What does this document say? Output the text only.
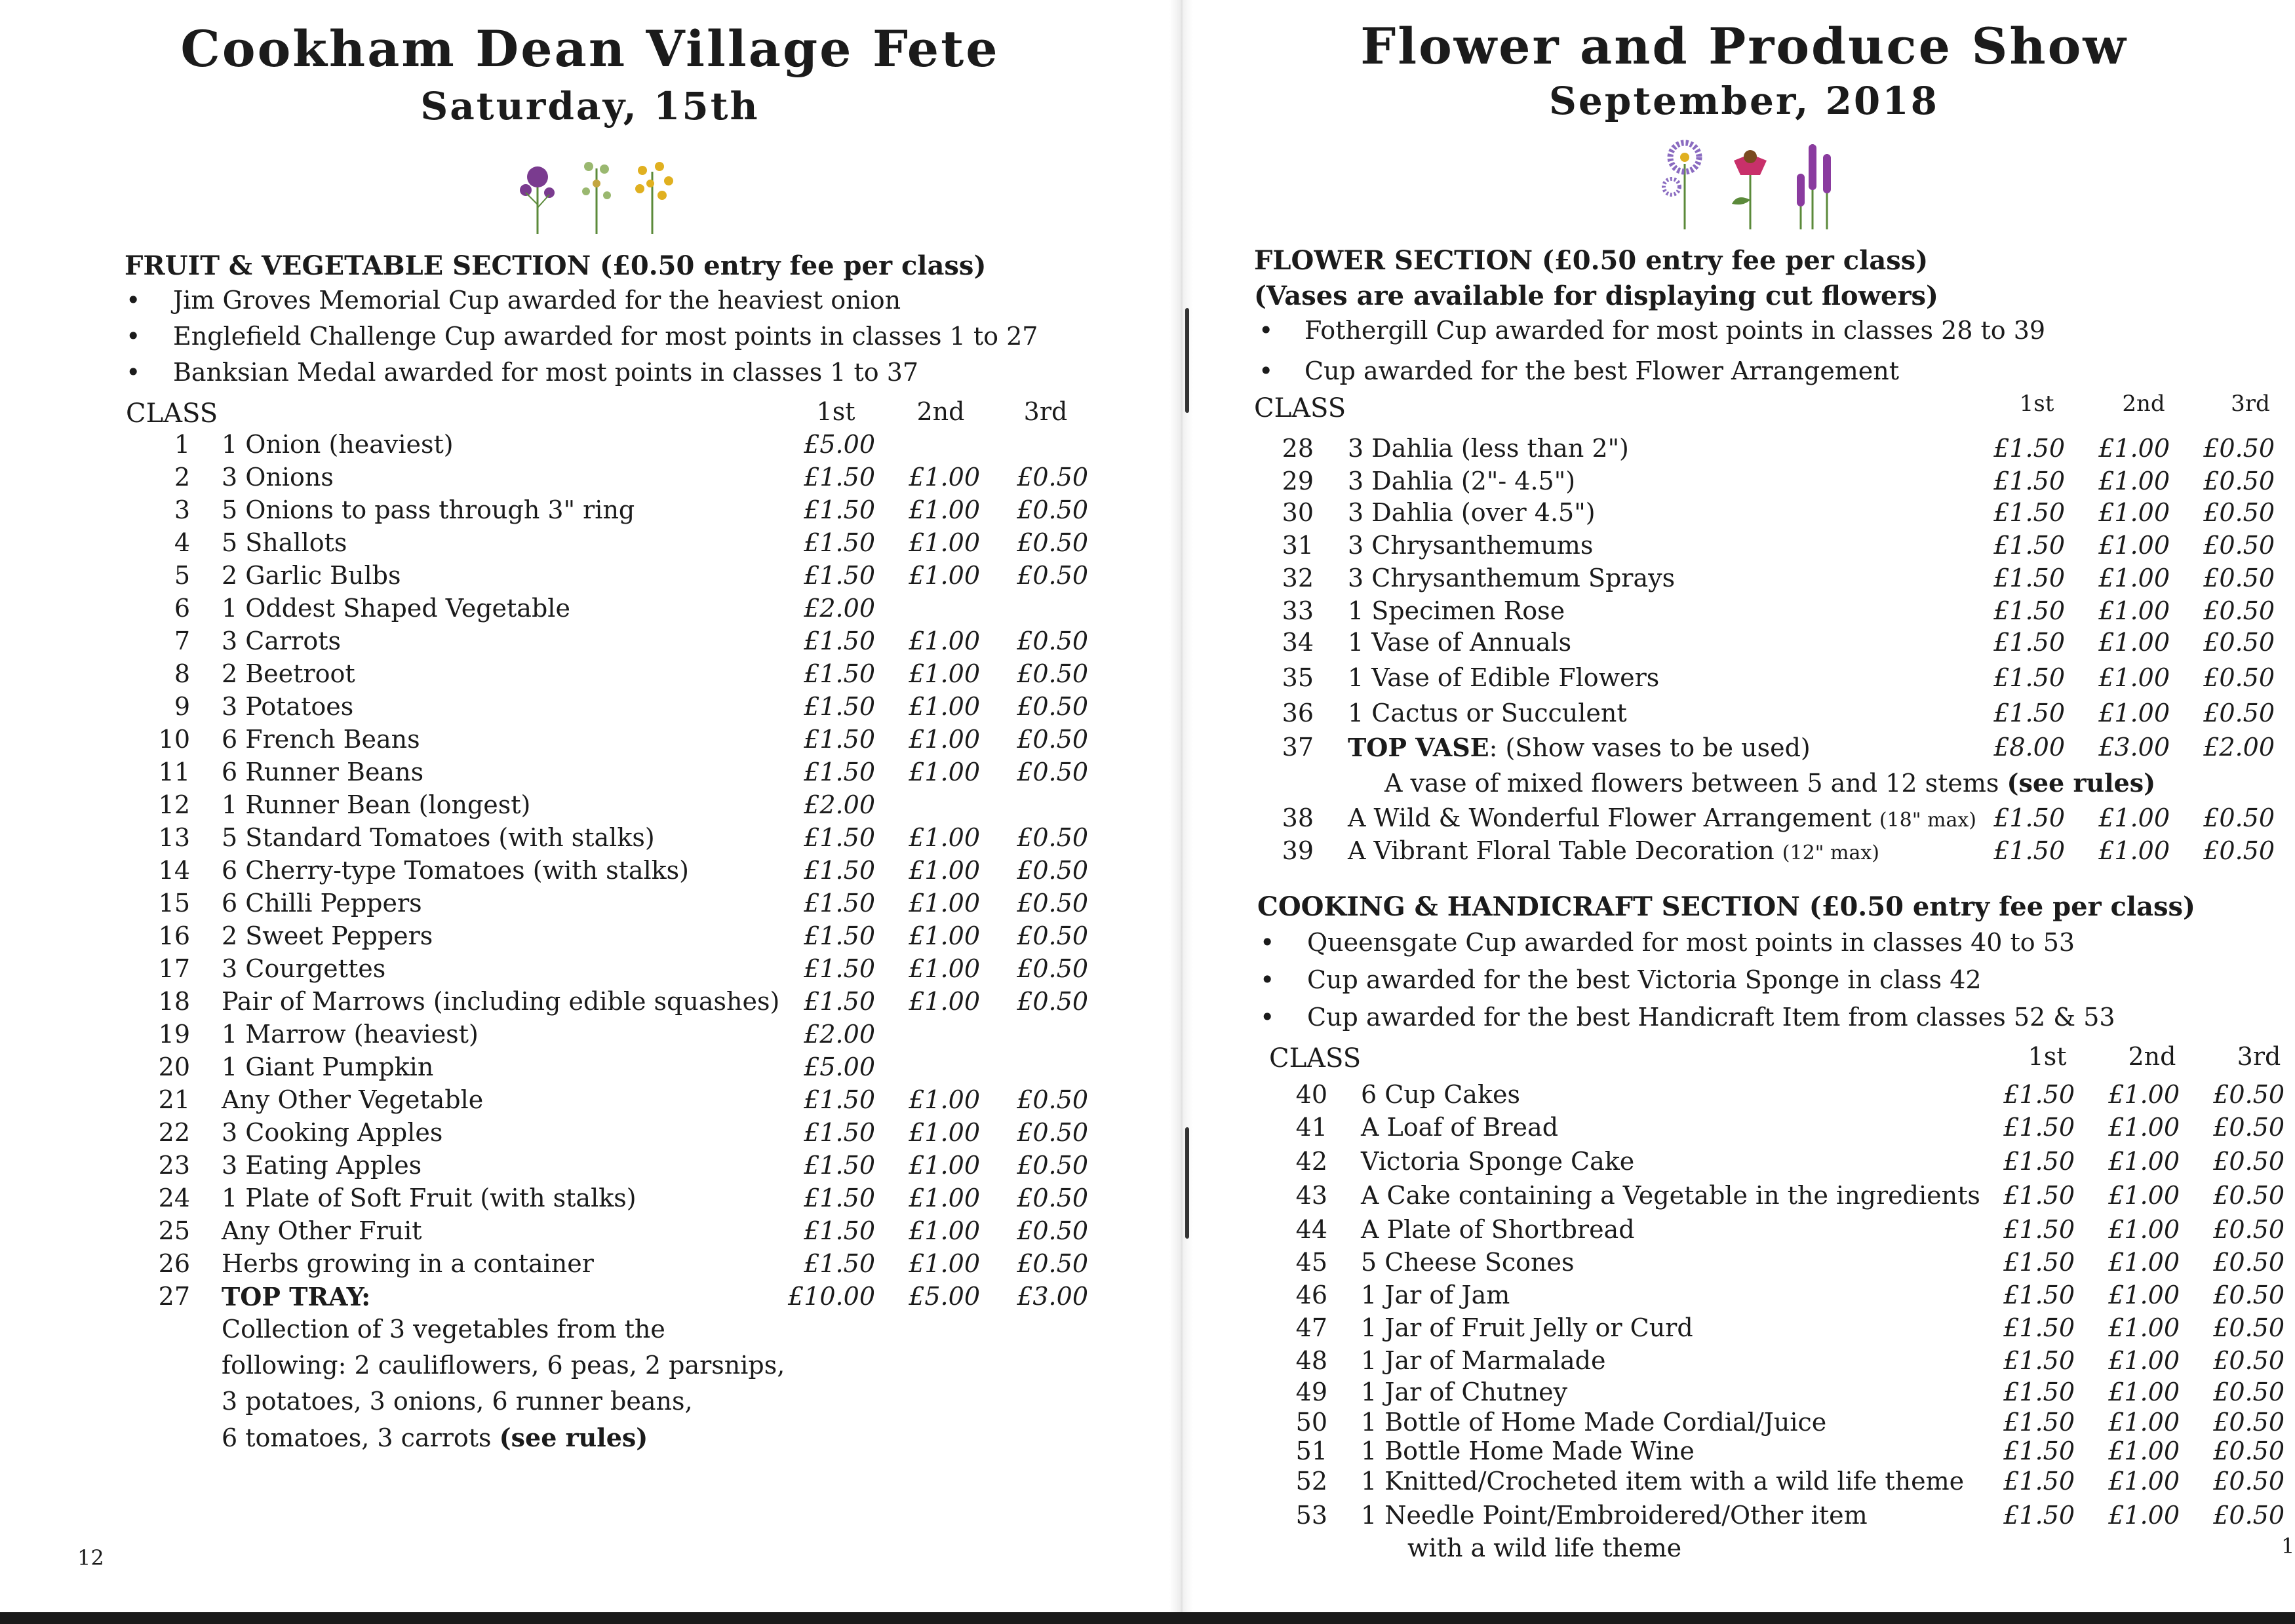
Cookham Dean Village Fete
Saturday, 15th
FRUIT & VEGETABLE SECTION (£0.50 entry fee per class)
• Jim Groves Memorial Cup awarded for the heaviest onion
• Englefield Challenge Cup awarded for most points in classes 1 to 27
• Banksian Medal awarded for most points in classes 1 to 37
CLASS	1st	2nd	3rd
1 1 Onion (heaviest)	£5.00
2 3 Onions	£1.50	£1.00	£0.50
3 5 Onions to pass through 3" ring	£1.50	£1.00	£0.50
4 5 Shallots	£1.50	£1.00	£0.50
5 2 Garlic Bulbs	£1.50	£1.00	£0.50
6 1 Oddest Shaped Vegetable	£2.00
7 3 Carrots	£1.50	£1.00	£0.50
8 2 Beetroot	£1.50	£1.00	£0.50
9 3 Potatoes	£1.50	£1.00	£0.50
10 6 French Beans	£1.50	£1.00	£0.50
11 6 Runner Beans	£1.50	£1.00	£0.50
12 1 Runner Bean (longest)	£2.00
13 5 Standard Tomatoes (with stalks)	£1.50	£1.00	£0.50
14 6 Cherry-type Tomatoes (with stalks)	£1.50	£1.00	£0.50
15 6 Chilli Peppers	£1.50	£1.00	£0.50
16 2 Sweet Peppers	£1.50	£1.00	£0.50
17 3 Courgettes	£1.50	£1.00	£0.50
18 Pair of Marrows (including edible squashes) £1.50	£1.00	£0.50
19 1 Marrow (heaviest)	£2.00
20 1 Giant Pumpkin	£5.00
21 Any Other Vegetable	£1.50	£1.00	£0.50
22 3 Cooking Apples	£1.50	£1.00	£0.50
23 3 Eating Apples	£1.50	£1.00	£0.50
24 1 Plate of Soft Fruit (with stalks)	£1.50	£1.00	£0.50
25 Any Other Fruit	£1.50	£1.00	£0.50
26 Herbs growing in a container	£1.50	£1.00	£0.50
27 TOP TRAY:	£10.00	£5.00	£3.00
Collection of 3 vegetables from the
following: 2 cauliflowers, 6 peas, 2 parsnips,
3 potatoes, 3 onions, 6 runner beans,
6 tomatoes, 3 carrots (see rules)
12
Flower and Produce Show
September, 2018
FLOWER SECTION (£0.50 entry fee per class)
(Vases are available for displaying cut flowers)
• Fothergill Cup awarded for most points in classes 28 to 39
• Cup awarded for the best Flower Arrangement
CLASS	1st	2nd	3rd
28 3 Dahlia (less than 2")	£1.50	£1.00	£0.50
29 3 Dahlia (2"- 4.5")	£1.50	£1.00	£0.50
30 3 Dahlia (over 4.5")	£1.50	£1.00	£0.50
31 3 Chrysanthemums	£1.50	£1.00	£0.50
32 3 Chrysanthemum Sprays	£1.50	£1.00	£0.50
33 1 Specimen Rose	£1.50	£1.00	£0.50
34 1 Vase of Annuals	£1.50	£1.00	£0.50
35 1 Vase of Edible Flowers	£1.50	£1.00	£0.50
36 1 Cactus or Succulent	£1.50	£1.00	£0.50
37 TOP VASE: (Show vases to be used)	£8.00	£3.00	£2.00
A vase of mixed flowers between 5 and 12 stems (see rules)
38 A Wild & Wonderful Flower Arrangement (18" max) £1.50	£1.00	£0.50
39 A Vibrant Floral Table Decoration (12" max)	£1.50	£1.00	£0.50
COOKING & HANDICRAFT SECTION (£0.50 entry fee per class)
• Queensgate Cup awarded for most points in classes 40 to 53
• Cup awarded for the best Victoria Sponge in class 42
• Cup awarded for the best Handicraft Item from classes 52 & 53
CLASS	1st	2nd	3rd
40 6 Cup Cakes	£1.50	£1.00	£0.50
41 A Loaf of Bread	£1.50	£1.00	£0.50
42 Victoria Sponge Cake	£1.50	£1.00	£0.50
43 A Cake containing a Vegetable in the ingredients £1.50	£1.00	£0.50
44 A Plate of Shortbread	£1.50	£1.00	£0.50
45 5 Cheese Scones	£1.50	£1.00	£0.50
46 1 Jar of Jam	£1.50	£1.00	£0.50
47 1 Jar of Fruit Jelly or Curd	£1.50	£1.00	£0.50
48 1 Jar of Marmalade	£1.50	£1.00	£0.50
49 1 Jar of Chutney	£1.50	£1.00	£0.50
50 1 Bottle of Home Made Cordial/Juice	£1.50	£1.00	£0.50
51 1 Bottle Home Made Wine	£1.50	£1.00	£0.50
52 1 Knitted/Crocheted item with a wild life theme	£1.50	£1.00	£0.50
53 1 Needle Point/Embroidered/Other item	£1.50	£1.00	£0.50
with a wild life theme	1
